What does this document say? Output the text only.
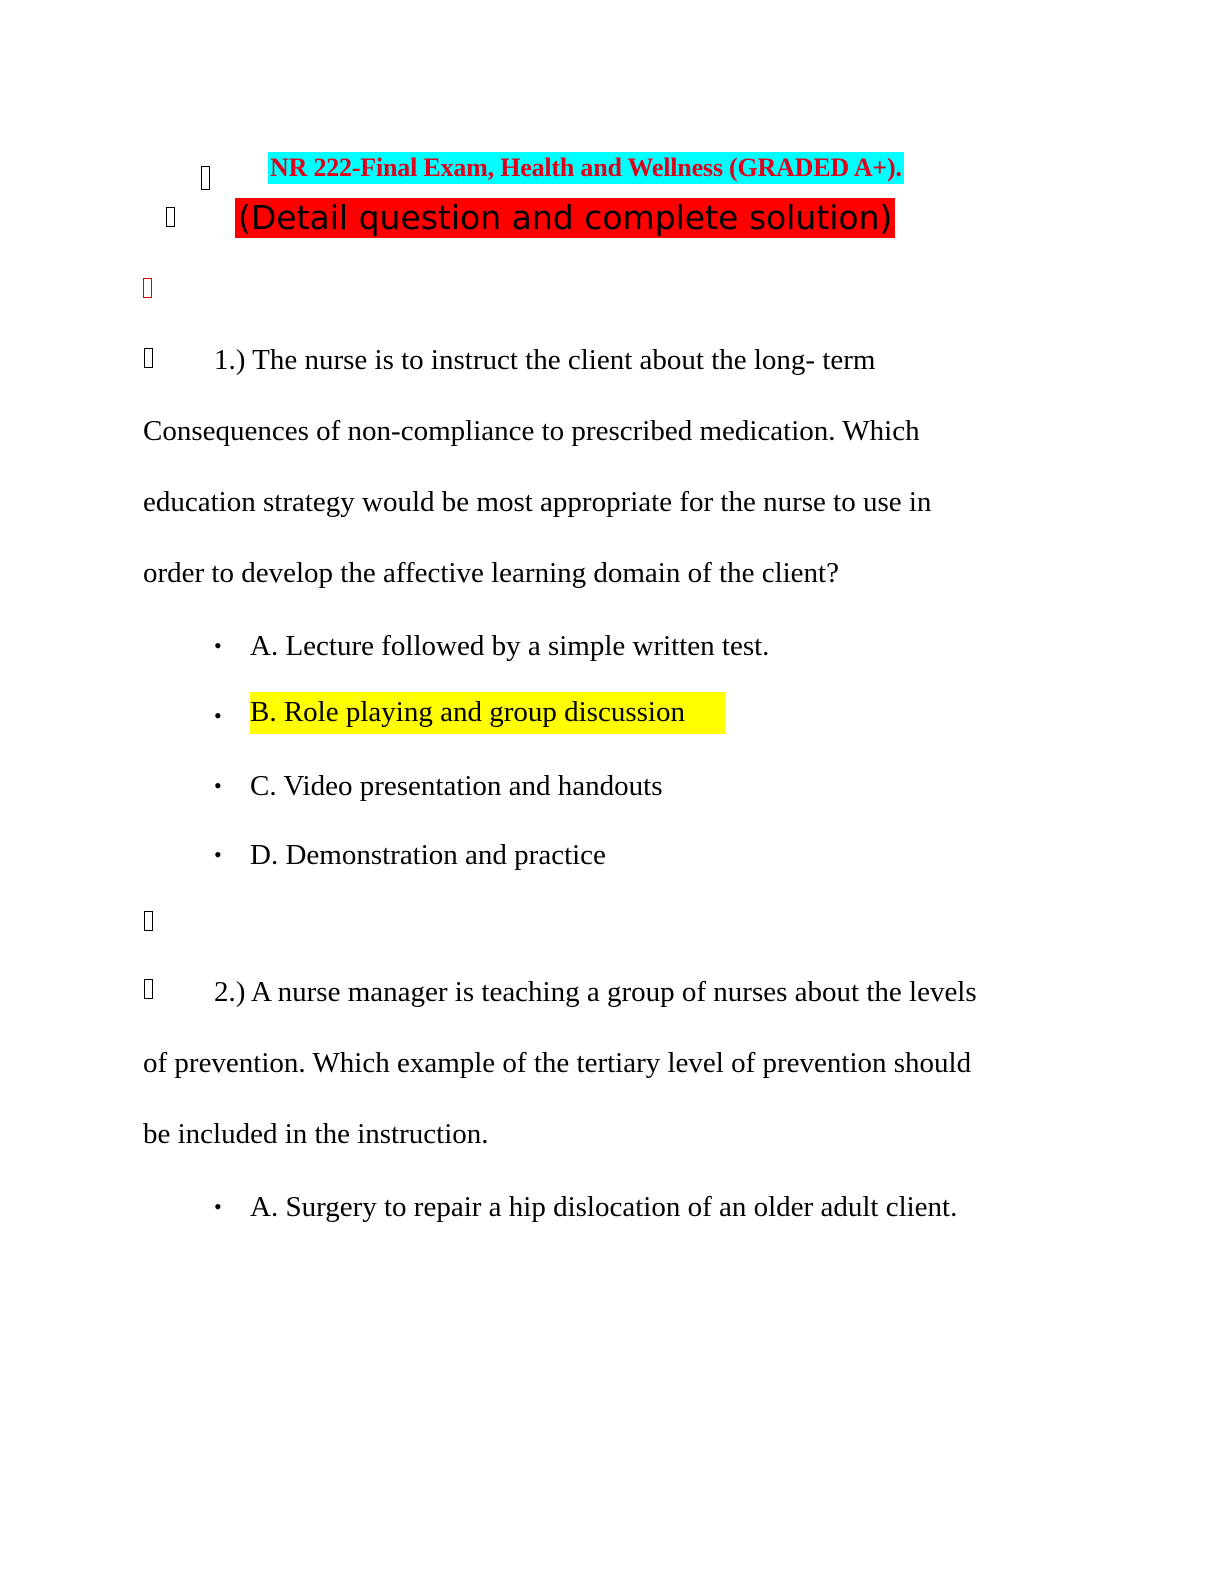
NR 222-Final Exam, Health and Wellness (GRADED A+).
(Detail question and complete solution)
1.) The nurse is to instruct the client about the long- term
Consequences of non-compliance to prescribed medication. Which
education strategy would be most appropriate for the nurse to use in
order to develop the affective learning domain of the client?
• A. Lecture followed by a simple written test.
• B. Role playing and group discussion
• C. Video presentation and handouts
• D. Demonstration and practice
2.) A nurse manager is teaching a group of nurses about the levels
of prevention. Which example of the tertiary level of prevention should
be included in the instruction.
• A. Surgery to repair a hip dislocation of an older adult client.
